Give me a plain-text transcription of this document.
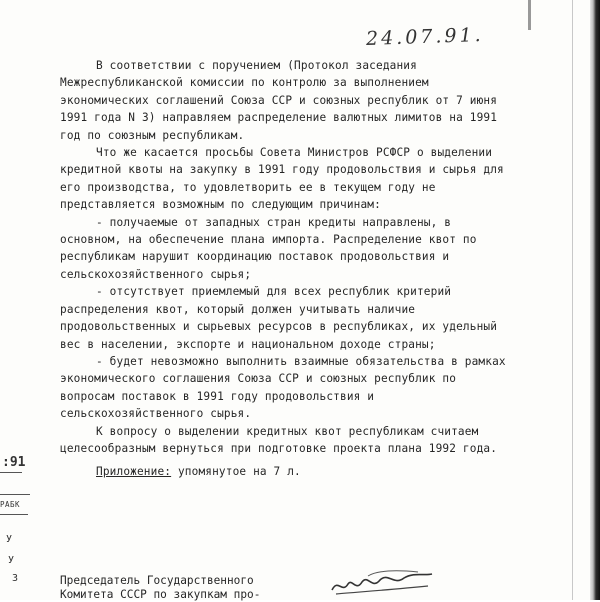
24.07.91.

В соответствии с поручением (Протокол заседания Межреспубликанской комиссии по контролю за выполнением экономических соглашений Союза ССР и союзных республик от 7 июня 1991 года N 3) направляем распределение валютных лимитов на 1991 год по союзным республикам.

Что же касается просьбы Совета Министров РСФСР о выделении кредитной квоты на закупку в 1991 году продовольствия и сырья для его производства, то удовлетворить ее в текущем году не представляется возможным по следующим причинам:

- получаемые от западных стран кредиты направлены, в основном, на обеспечение плана импорта. Распределение квот по республикам нарушит координацию поставок продовольствия и сельскохозяйственного сырья;

- отсутствует приемлемый для всех республик критерий распределения квот, который должен учитывать наличие продовольственных и сырьевых ресурсов в республиках, их удельный вес в населении, экспорте и национальном доходе страны;

- будет невозможно выполнить взаимные обязательства в рамках экономического соглашения Союза ССР и союзных республик по вопросам поставок в 1991 году продовольствия и сельскохозяйственного сырья.

К вопросу о выделении кредитных квот республикам считаем целесообразным вернуться при подготовке проекта плана 1992 года.

Приложение: упомянутое на 7 л.

Председатель Государственного
Комитета СССР по закупкам про-
:91
РАБК
У
У
З
